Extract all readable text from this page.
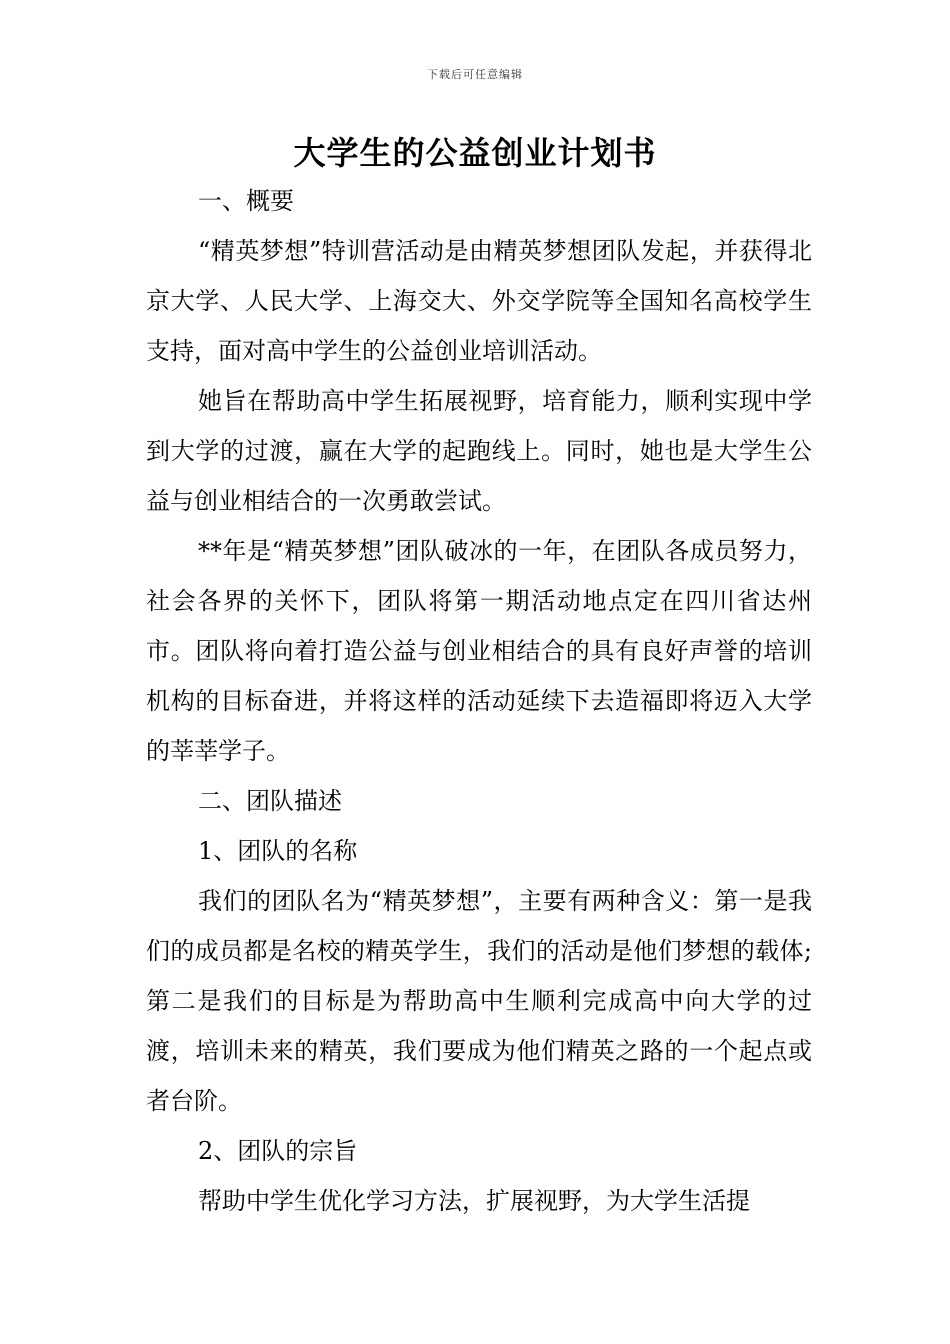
下载后可任意编辑
大学生的公益创业计划书

一、概要

“精英梦想”特训营活动是由精英梦想团队发起，并获得北京大学、人民大学、上海交大、外交学院等全国知名高校学生支持，面对高中学生的公益创业培训活动。

她旨在帮助高中学生拓展视野，培育能力，顺利实现中学到大学的过渡，赢在大学的起跑线上。同时，她也是大学生公益与创业相结合的一次勇敢尝试。

**年是“精英梦想”团队破冰的一年，在团队各成员努力，社会各界的关怀下，团队将第一期活动地点定在四川省达州市。团队将向着打造公益与创业相结合的具有良好声誉的培训机构的目标奋进，并将这样的活动延续下去造福即将迈入大学的莘莘学子。

二、团队描述

1、团队的名称

我们的团队名为“精英梦想”，主要有两种含义：第一是我们的成员都是名校的精英学生，我们的活动是他们梦想的载体;第二是我们的目标是为帮助高中生顺利完成高中向大学的过渡，培训未来的精英，我们要成为他们精英之路的一个起点或者台阶。

2、团队的宗旨

帮助中学生优化学习方法，扩展视野，为大学生活提
